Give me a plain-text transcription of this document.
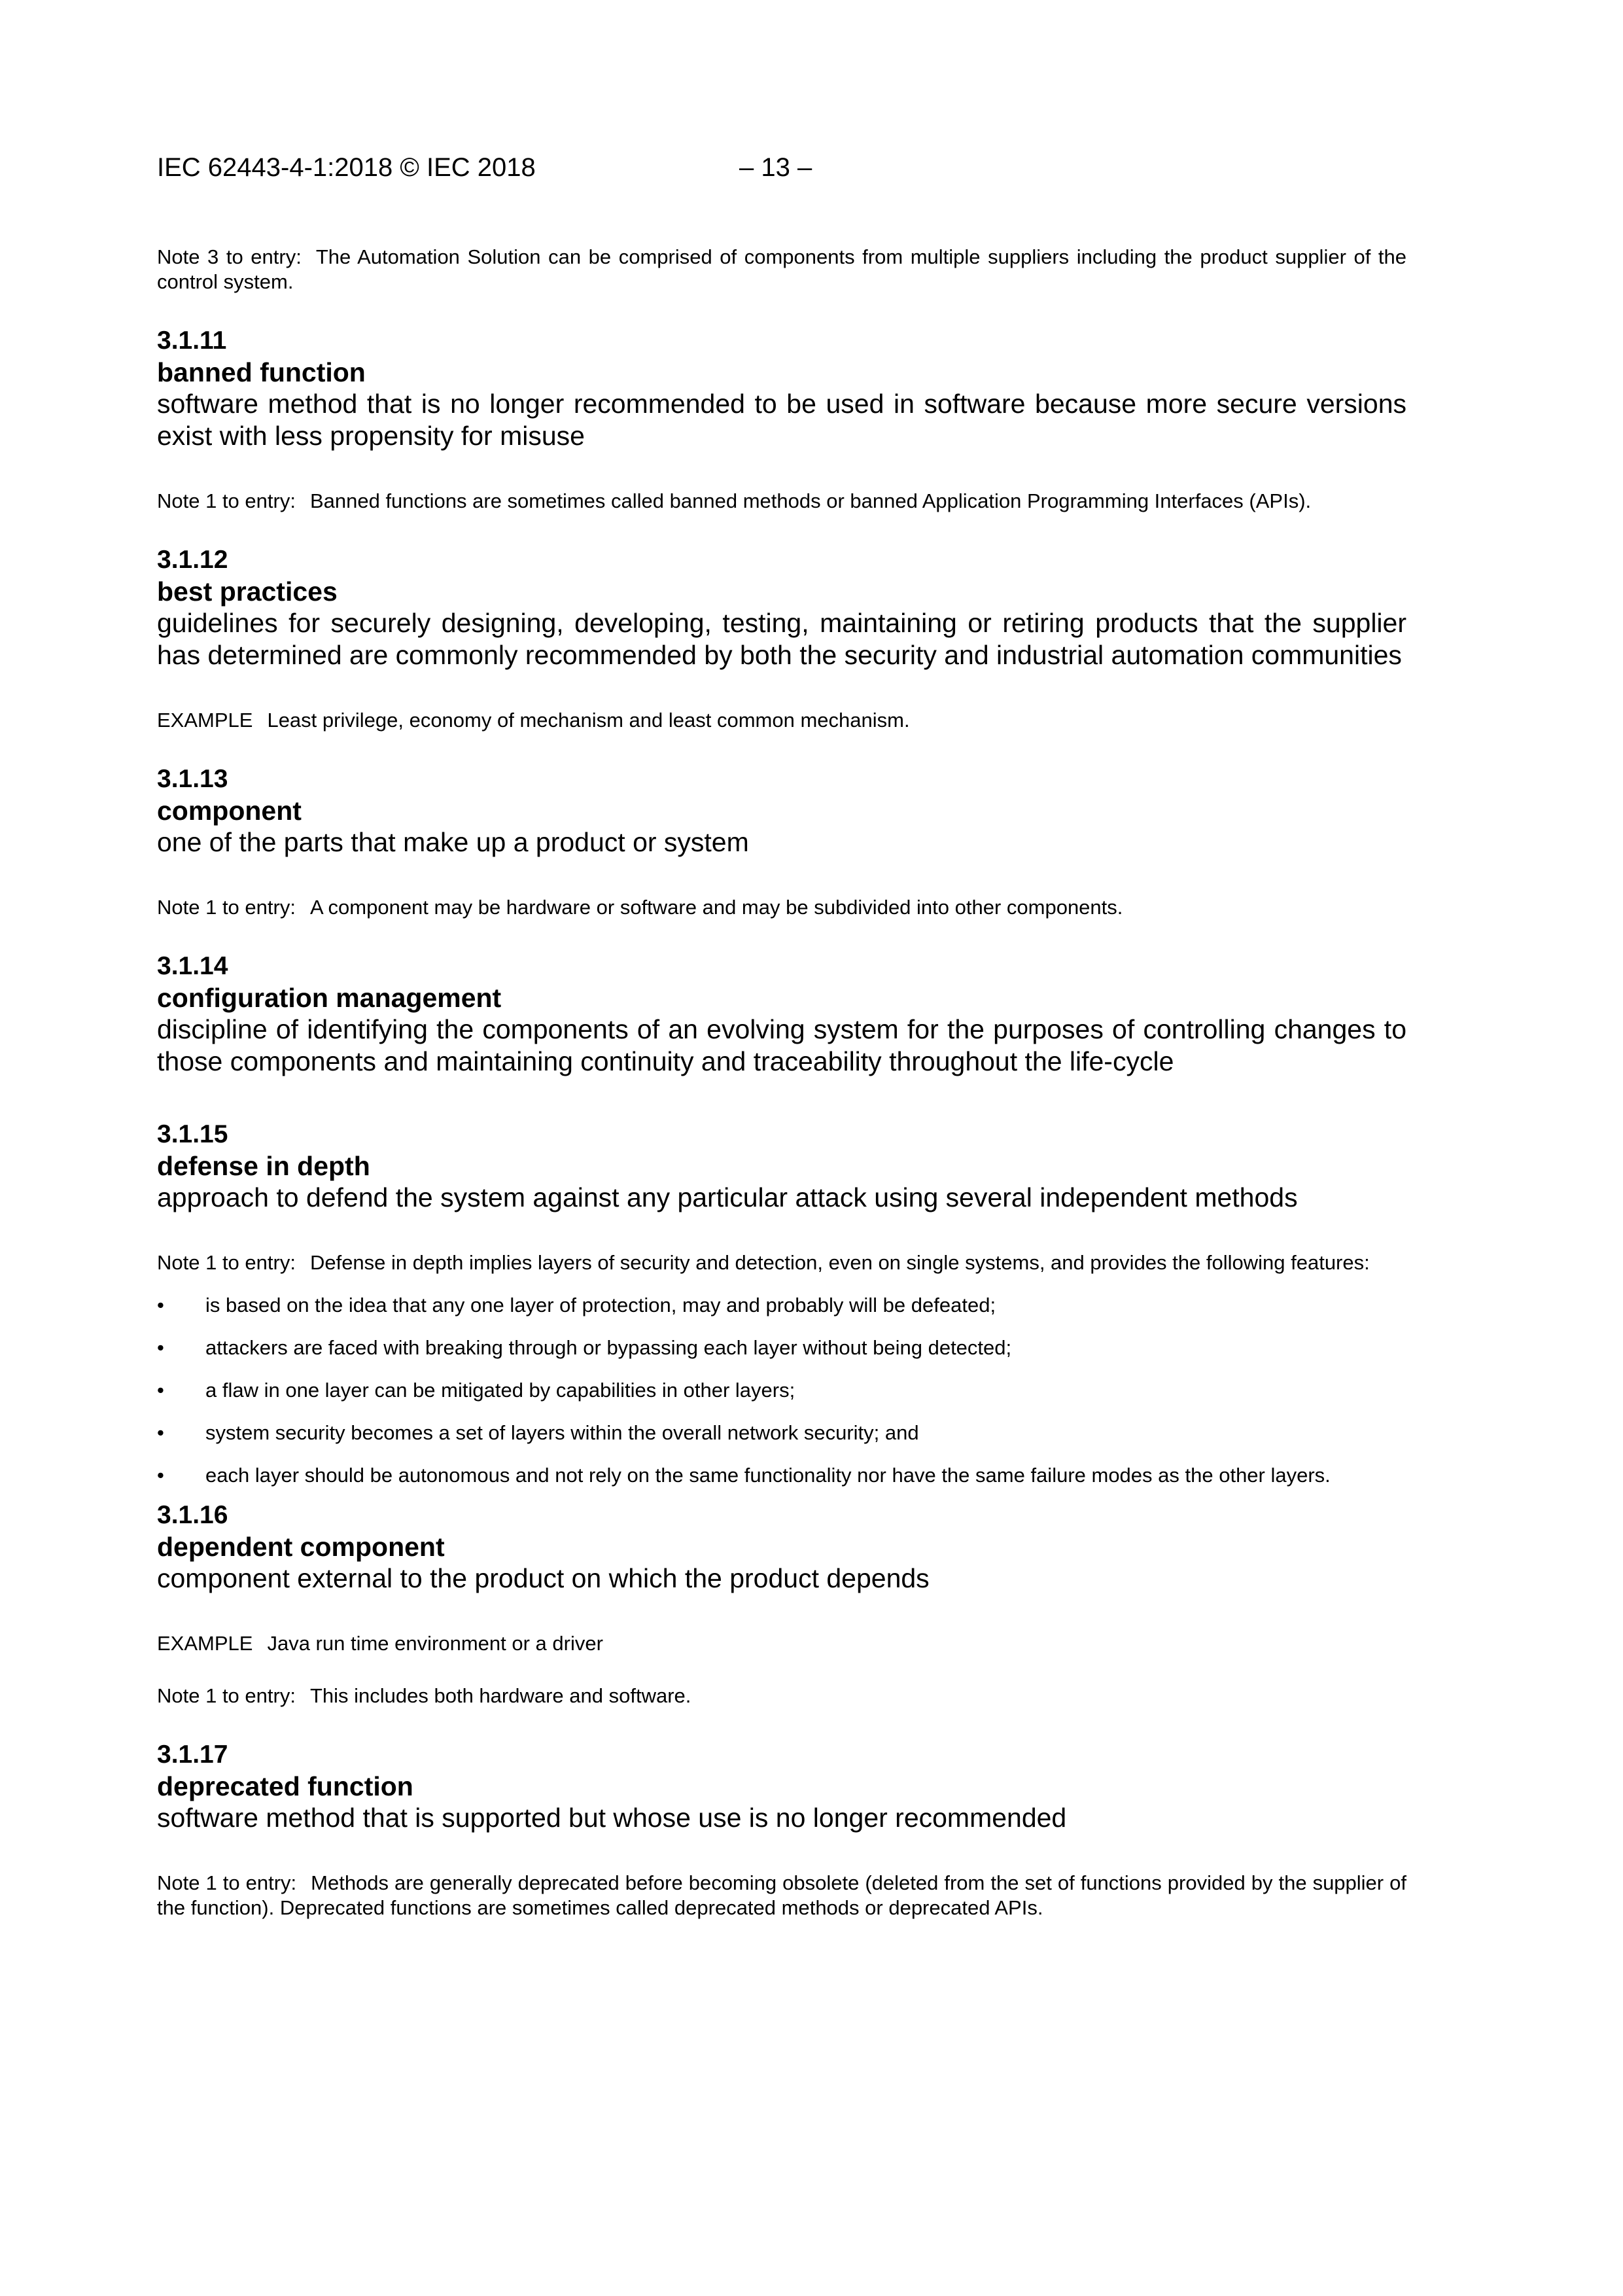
IEC 62443-4-1:2018 © IEC 2018	– 13 –

Note 3 to entry: The Automation Solution can be comprised of components from multiple suppliers including the product supplier of the control system.

3.1.11

banned function

software method that is no longer recommended to be used in software because more secure versions exist with less propensity for misuse

Note 1 to entry: Banned functions are sometimes called banned methods or banned Application Programming Interfaces (APIs).

3.1.12

best practices

guidelines for securely designing, developing, testing, maintaining or retiring products that the supplier has determined are commonly recommended by both the security and industrial automation communities

EXAMPLE Least privilege, economy of mechanism and least common mechanism.

3.1.13

component

one of the parts that make up a product or system

Note 1 to entry: A component may be hardware or software and may be subdivided into other components.

3.1.14

configuration management

discipline of identifying the components of an evolving system for the purposes of controlling changes to those components and maintaining continuity and traceability throughout the life-cycle

3.1.15

defense in depth

approach to defend the system against any particular attack using several independent methods

Note 1 to entry: Defense in depth implies layers of security and detection, even on single systems, and provides the following features:

• is based on the idea that any one layer of protection, may and probably will be defeated;
• attackers are faced with breaking through or bypassing each layer without being detected;
• a flaw in one layer can be mitigated by capabilities in other layers;
• system security becomes a set of layers within the overall network security; and
• each layer should be autonomous and not rely on the same functionality nor have the same failure modes as the other layers.

3.1.16

dependent component

component external to the product on which the product depends

EXAMPLE Java run time environment or a driver

Note 1 to entry: This includes both hardware and software.

3.1.17

deprecated function

software method that is supported but whose use is no longer recommended

Note 1 to entry: Methods are generally deprecated before becoming obsolete (deleted from the set of functions provided by the supplier of the function). Deprecated functions are sometimes called deprecated methods or deprecated APIs.
